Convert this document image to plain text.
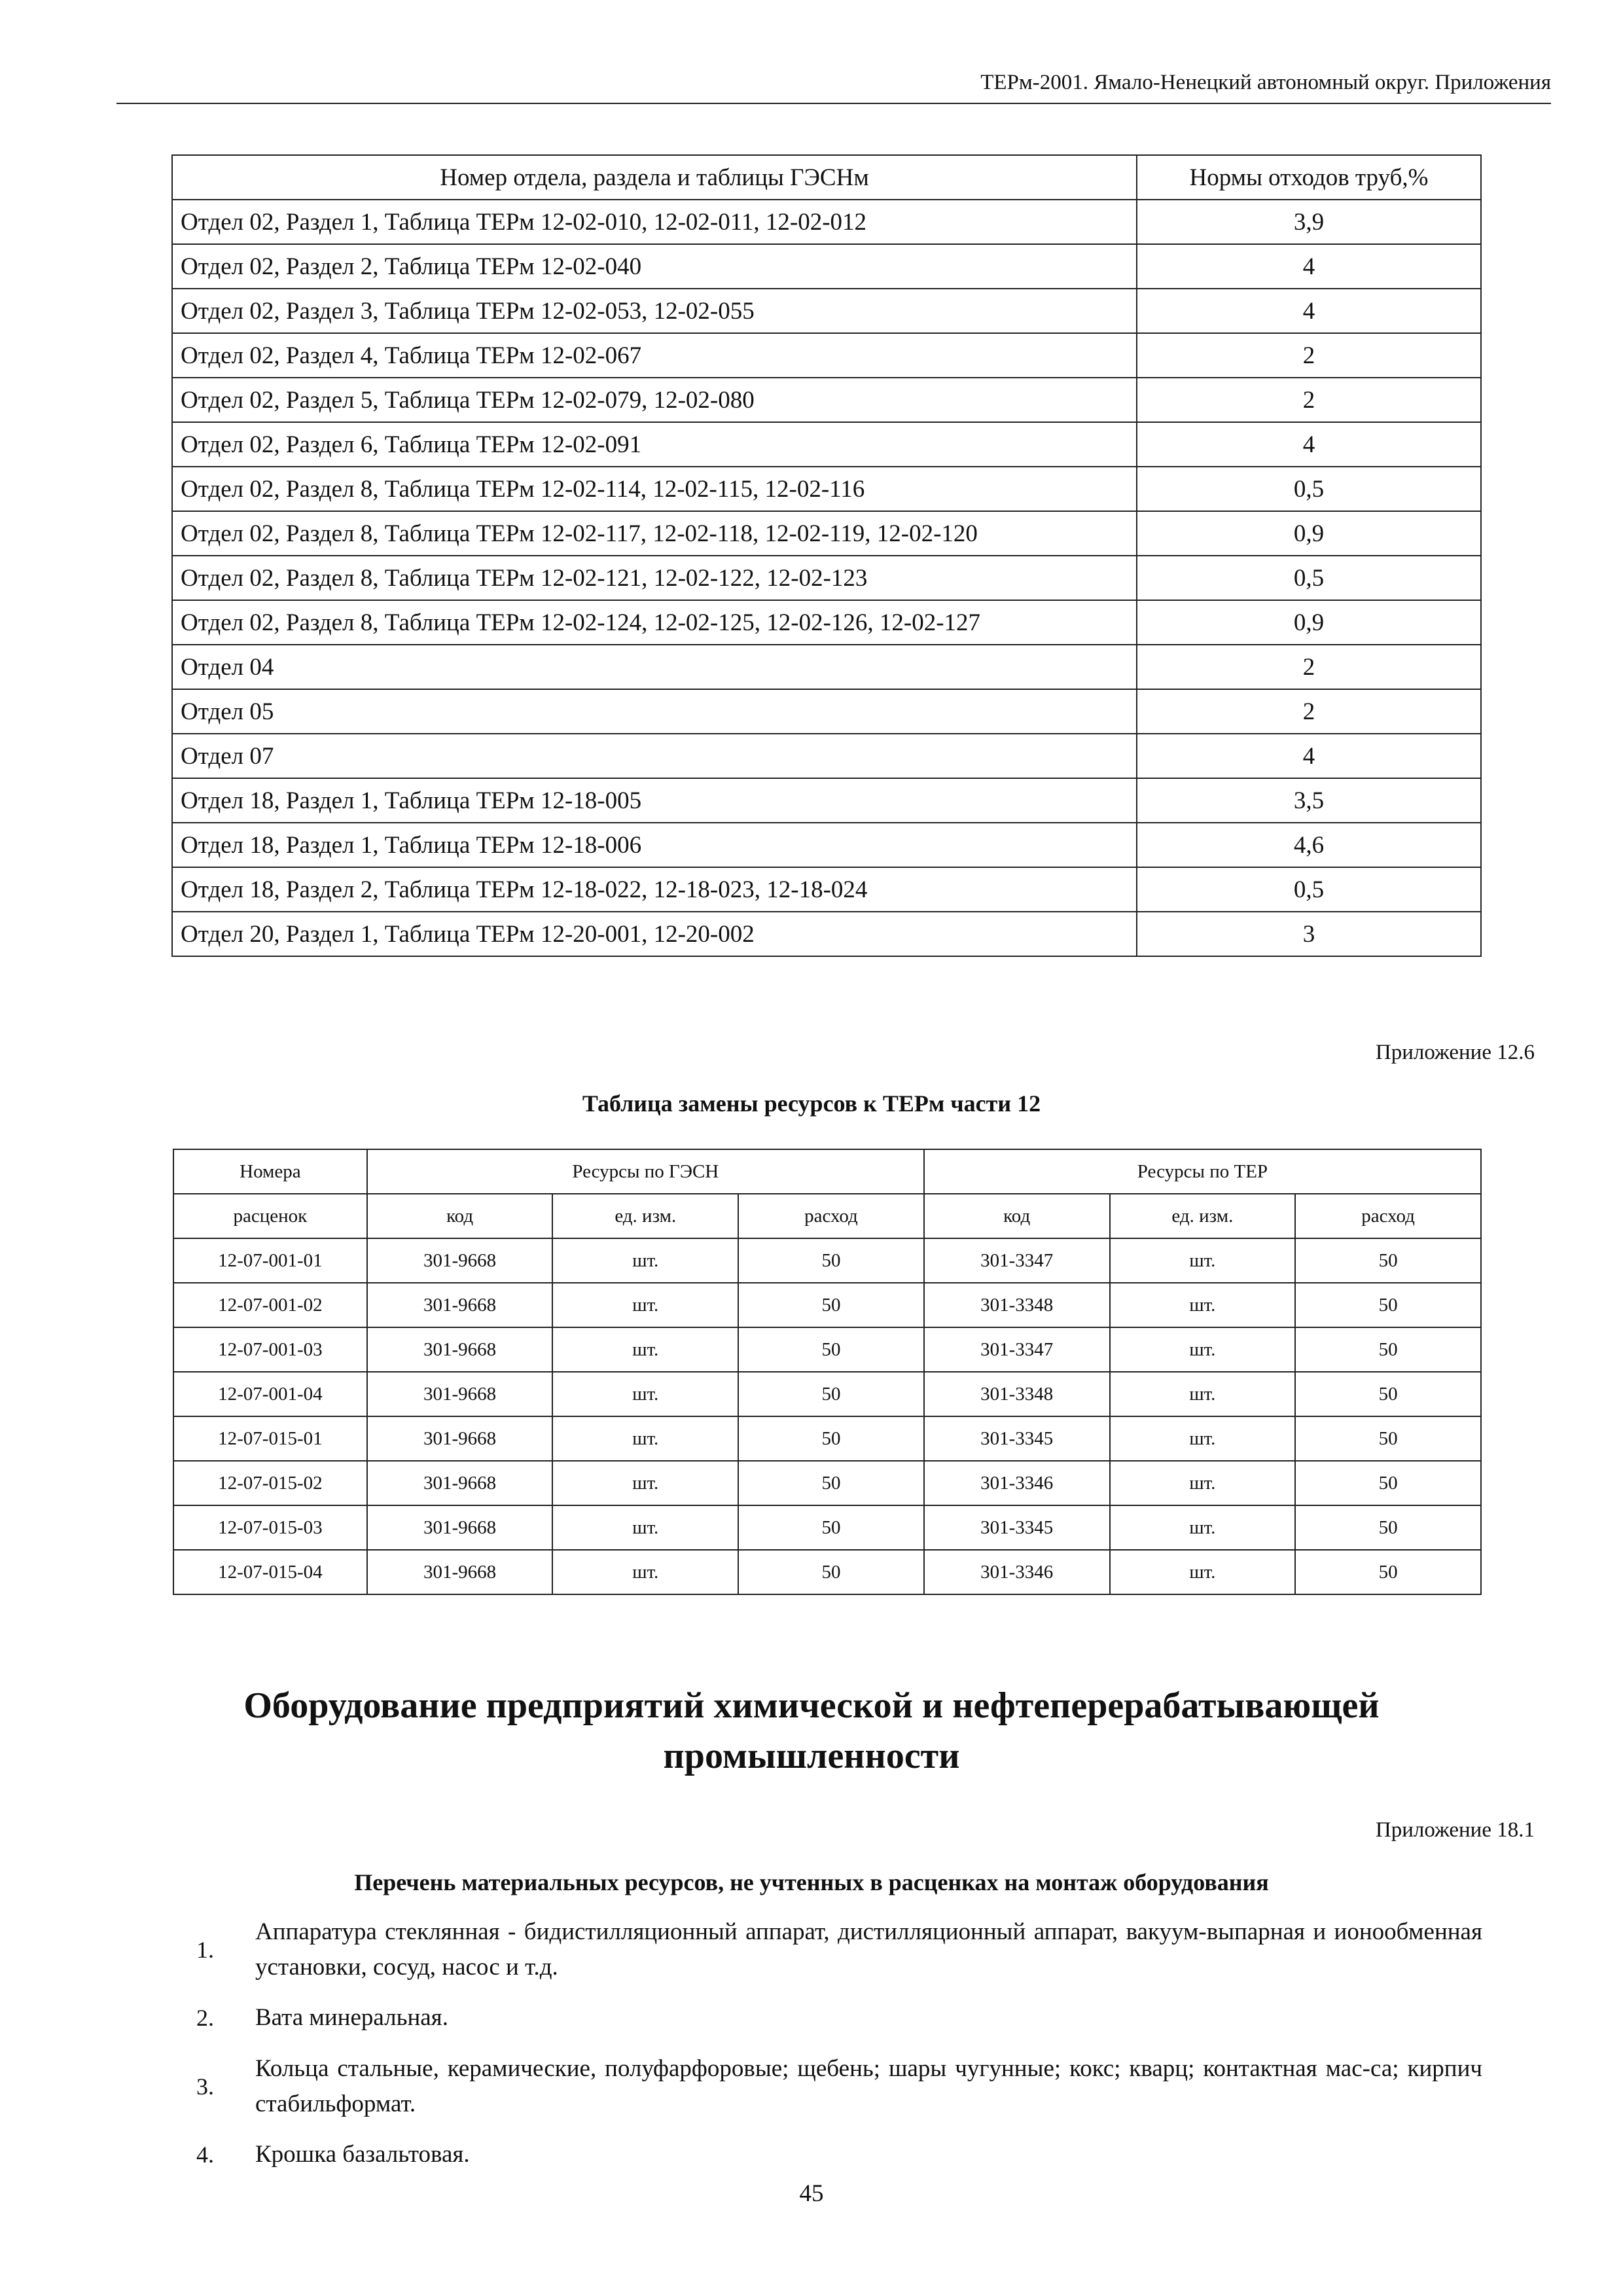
ТЕРм-2001. Ямало-Ненецкий автономный округ. Приложения
Номер отдела, раздела и таблицы ГЭСНм	Нормы отходов труб,%
Отдел 02, Раздел 1, Таблица ТЕРм 12-02-010, 12-02-011, 12-02-012	3,9
Отдел 02, Раздел 2, Таблица ТЕРм 12-02-040	4
Отдел 02, Раздел 3, Таблица ТЕРм 12-02-053, 12-02-055	4
Отдел 02, Раздел 4, Таблица ТЕРм 12-02-067	2
Отдел 02, Раздел 5, Таблица ТЕРм 12-02-079, 12-02-080	2
Отдел 02, Раздел 6, Таблица ТЕРм 12-02-091	4
Отдел 02, Раздел 8, Таблица ТЕРм 12-02-114, 12-02-115, 12-02-116	0,5
Отдел 02, Раздел 8, Таблица ТЕРм 12-02-117, 12-02-118, 12-02-119, 12-02-120	0,9
Отдел 02, Раздел 8, Таблица ТЕРм 12-02-121, 12-02-122, 12-02-123	0,5
Отдел 02, Раздел 8, Таблица ТЕРм 12-02-124, 12-02-125, 12-02-126, 12-02-127	0,9
Отдел 04	2
Отдел 05	2
Отдел 07	4
Отдел 18, Раздел 1, Таблица ТЕРм 12-18-005	3,5
Отдел 18, Раздел 1, Таблица ТЕРм 12-18-006	4,6
Отдел 18, Раздел 2, Таблица ТЕРм 12-18-022, 12-18-023, 12-18-024	0,5
Отдел 20, Раздел 1, Таблица ТЕРм 12-20-001, 12-20-002	3
Приложение 12.6
Таблица замены ресурсов к ТЕРм части 12
Номера	Ресурсы по ГЭСН			Ресурсы по ТЕР		
расценок	код	ед. изм.	расход	код	ед. изм.	расход
12-07-001-01	301-9668	шт.	50	301-3347	шт.	50
12-07-001-02	301-9668	шт.	50	301-3348	шт.	50
12-07-001-03	301-9668	шт.	50	301-3347	шт.	50
12-07-001-04	301-9668	шт.	50	301-3348	шт.	50
12-07-015-01	301-9668	шт.	50	301-3345	шт.	50
12-07-015-02	301-9668	шт.	50	301-3346	шт.	50
12-07-015-03	301-9668	шт.	50	301-3345	шт.	50
12-07-015-04	301-9668	шт.	50	301-3346	шт.	50
Оборудование предприятий химической и нефтеперерабатывающей
промышленности
Приложение 18.1
Перечень материальных ресурсов, не учтенных в расценках на монтаж оборудования
1.
Аппаратура стеклянная - бидистилляционный аппарат, дистилляционный аппарат, вакуум-выпарная и ионообменная установки, сосуд, насос и т.д.
2.	Вата минеральная.
3.
Кольца стальные, керамические, полуфарфоровые; щебень; шары чугунные; кокс; кварц; контактная мас-са; кирпич стабильформат.
4.	Крошка базальтовая.
45
